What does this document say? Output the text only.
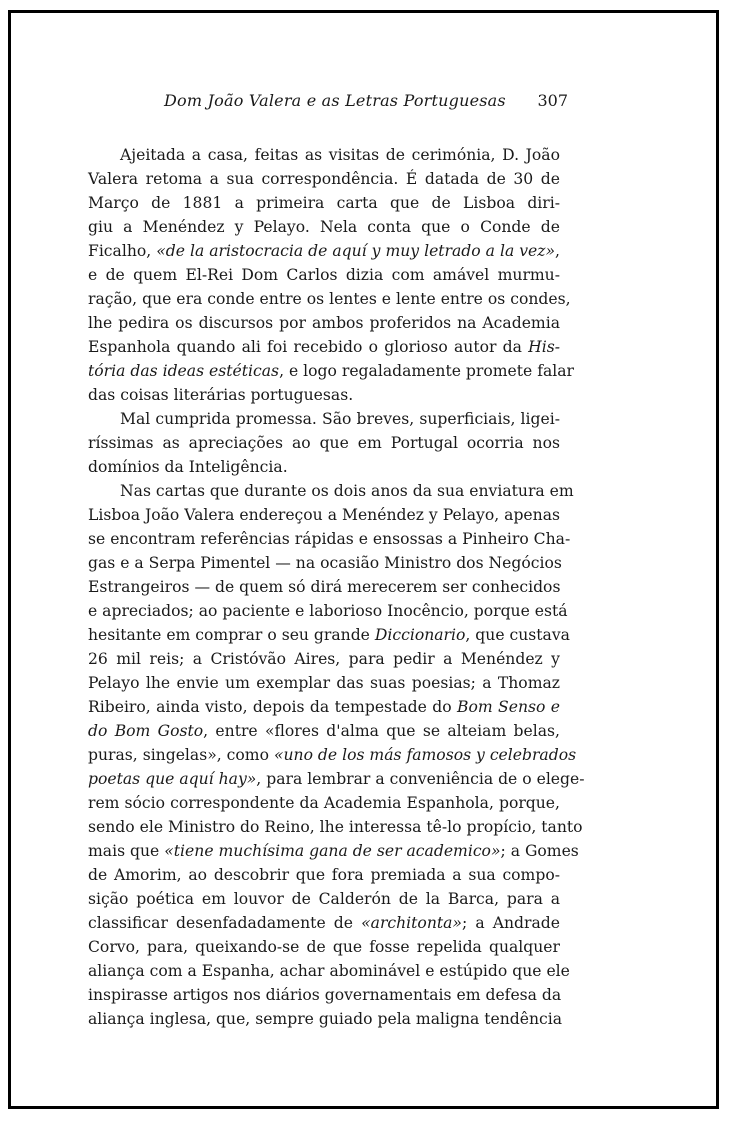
Dom João Valera e as Letras Portuguesas 307
Ajeitada a casa, feitas as visitas de cerimónia, D. João
Valera retoma a sua correspondência. É datada de 30 de
Março de 1881 a primeira carta que de Lisboa diri-
giu a Menéndez y Pelayo. Nela conta que o Conde de
Ficalho, «de la aristocracia de aquí y muy letrado a la vez»,
e de quem El-Rei Dom Carlos dizia com amável murmu-
ração, que era conde entre os lentes e lente entre os condes,
lhe pedira os discursos por ambos proferidos na Academia
Espanhola quando ali foi recebido o glorioso autor da His-
tória das ideas estéticas, e logo regaladamente promete falar
das coisas literárias portuguesas.
Mal cumprida promessa. São breves, superficiais, ligei-
ríssimas as apreciações ao que em Portugal ocorria nos
domínios da Inteligência.
Nas cartas que durante os dois anos da sua enviatura em
Lisboa João Valera endereçou a Menéndez y Pelayo, apenas
se encontram referências rápidas e ensossas a Pinheiro Cha-
gas e a Serpa Pimentel — na ocasião Ministro dos Negócios
Estrangeiros — de quem só dirá merecerem ser conhecidos
e apreciados; ao paciente e laborioso Inocêncio, porque está
hesitante em comprar o seu grande Diccionario, que custava
26 mil reis; a Cristóvão Aires, para pedir a Menéndez y
Pelayo lhe envie um exemplar das suas poesias; a Thomaz
Ribeiro, ainda visto, depois da tempestade do Bom Senso e
do Bom Gosto, entre «flores d'alma que se alteiam belas,
puras, singelas», como «uno de los más famosos y celebrados
poetas que aquí hay», para lembrar a conveniência de o elege-
rem sócio correspondente da Academia Espanhola, porque,
sendo ele Ministro do Reino, lhe interessa tê-lo propício, tanto
mais que «tiene muchísima gana de ser academico»; a Gomes
de Amorim, ao descobrir que fora premiada a sua compo-
sição poética em louvor de Calderón de la Barca, para a
classificar desenfadadamente de «architonta»; a Andrade
Corvo, para, queixando-se de que fosse repelida qualquer
aliança com a Espanha, achar abominável e estúpido que ele
inspirasse artigos nos diários governamentais em defesa da
aliança inglesa, que, sempre guiado pela maligna tendência
